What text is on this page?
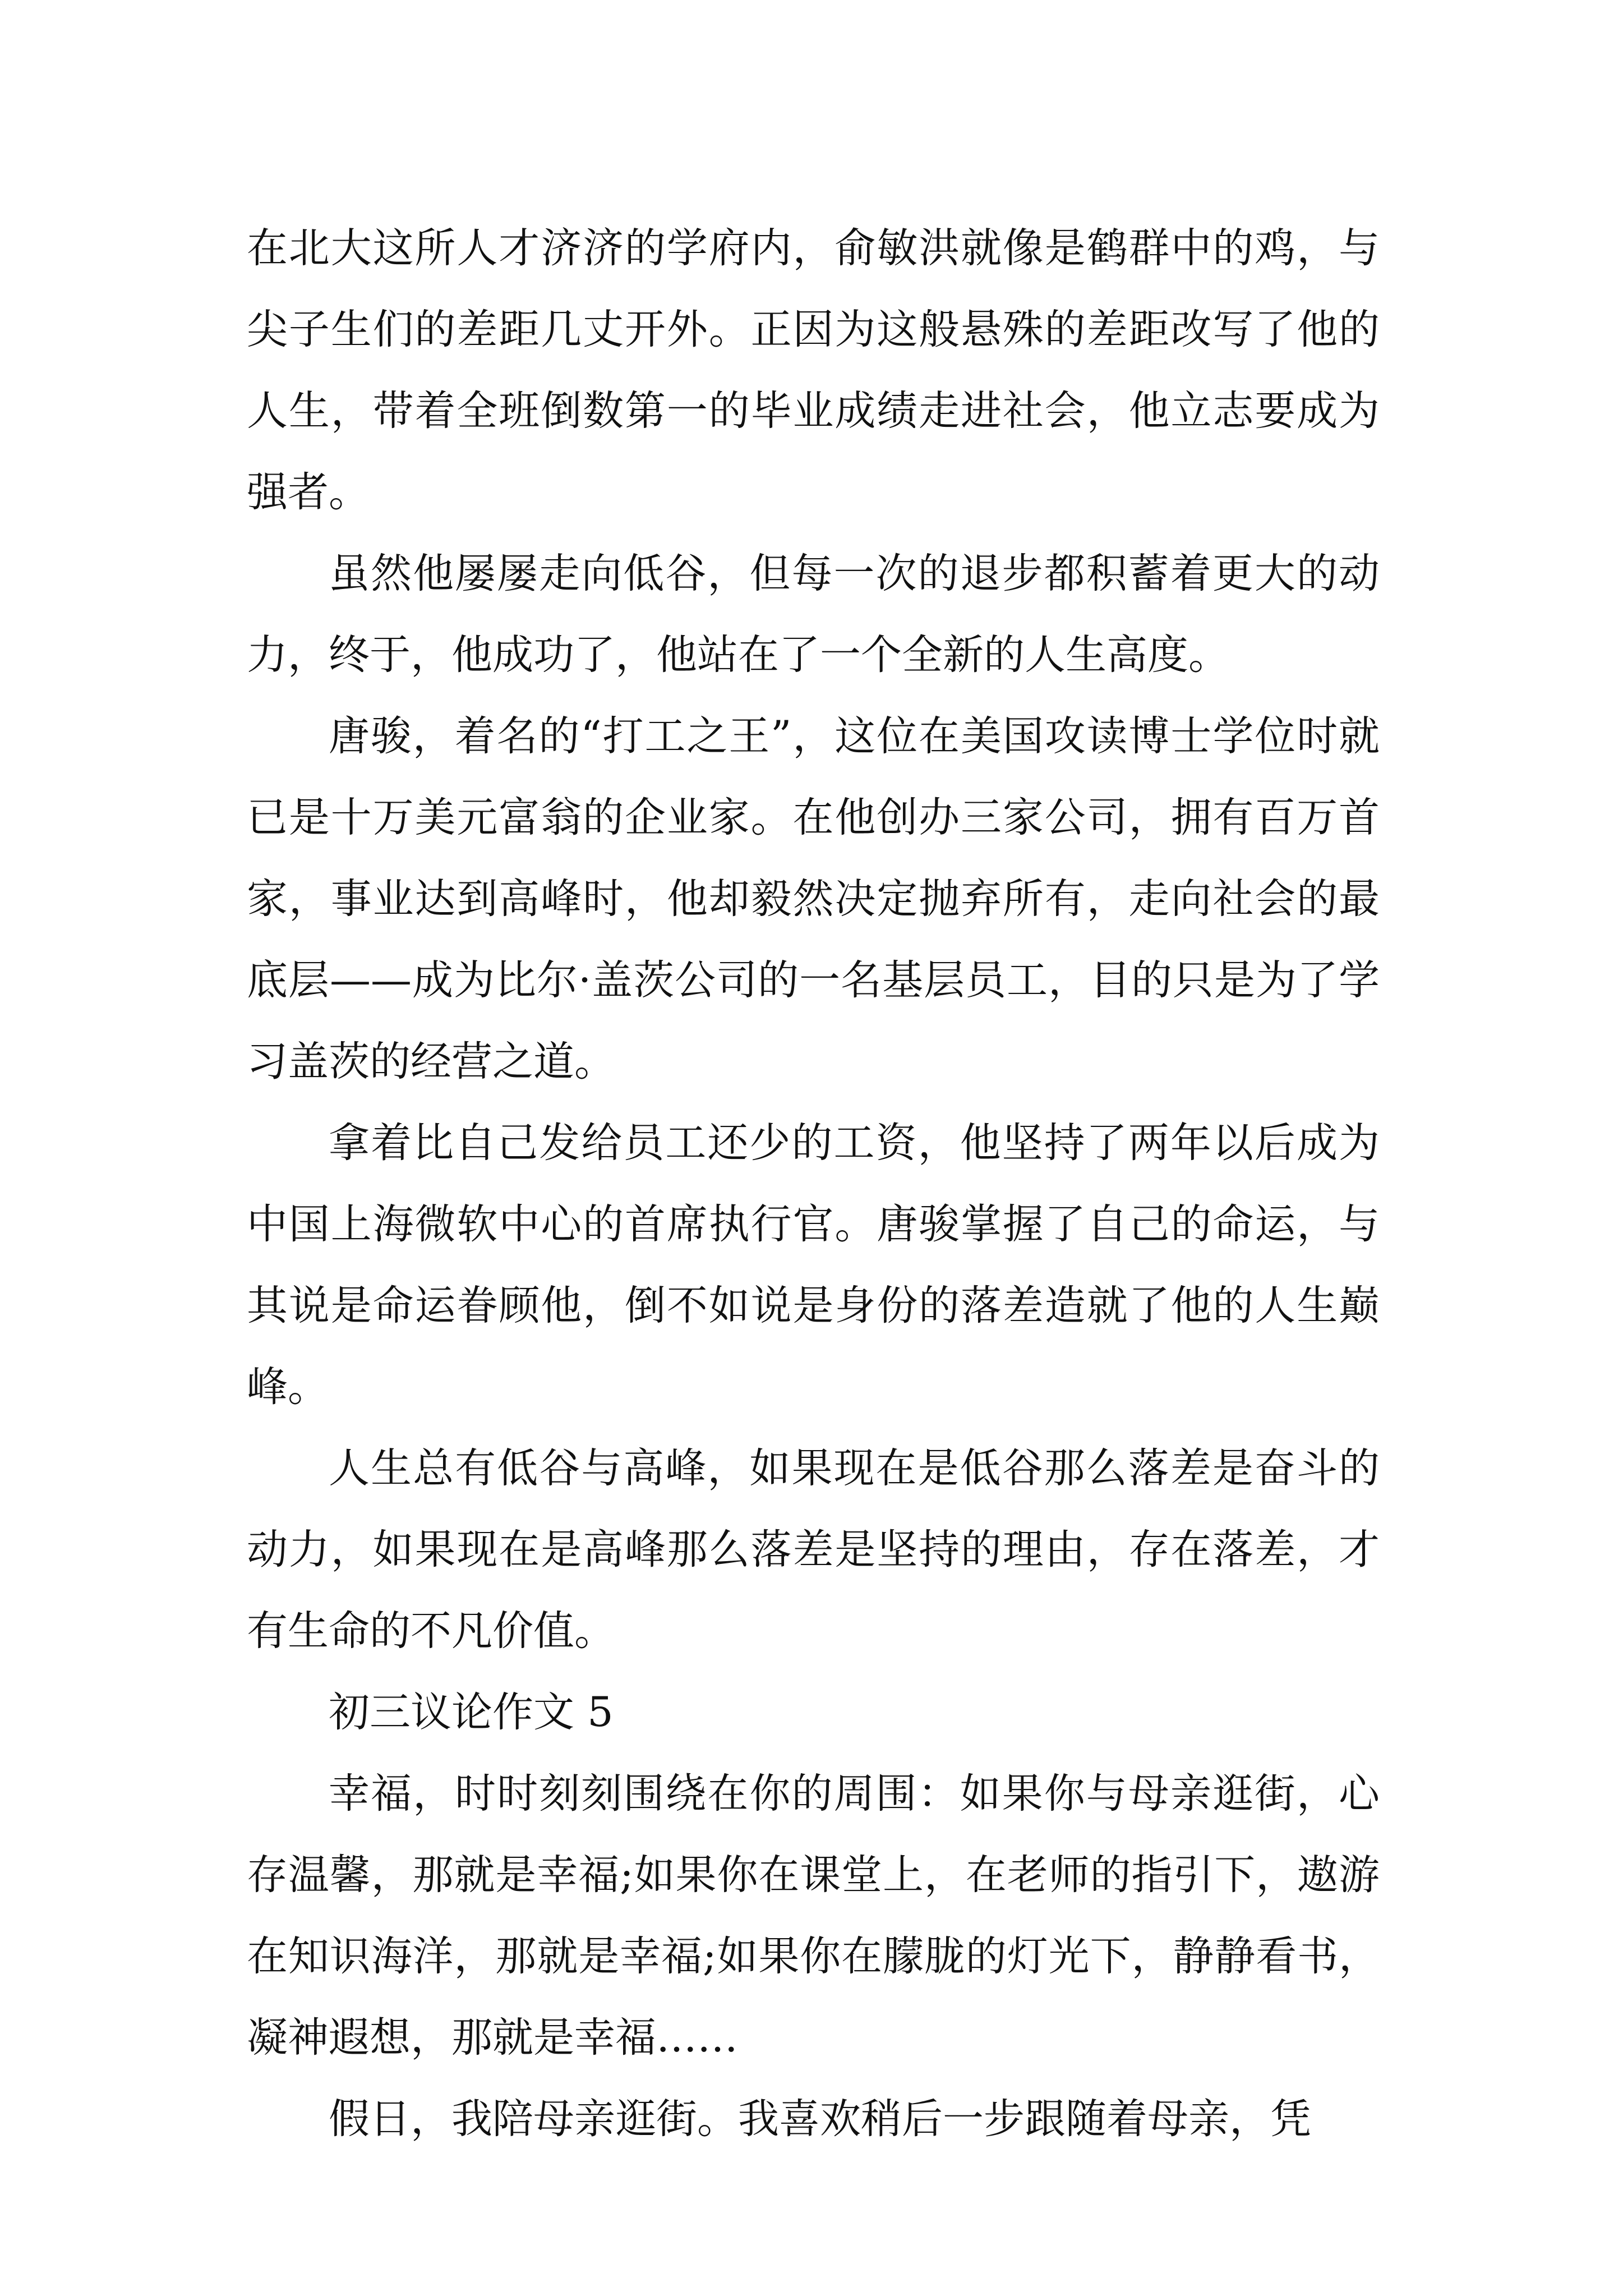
在北大这所人才济济的学府内，俞敏洪就像是鹤群中的鸡，与尖子生们的差距几丈开外。正因为这般悬殊的差距改写了他的人生，带着全班倒数第一的毕业成绩走进社会，他立志要成为强者。

虽然他屡屡走向低谷，但每一次的退步都积蓄着更大的动力，终于，他成功了，他站在了一个全新的人生高度。

唐骏，着名的“打工之王”，这位在美国攻读博士学位时就已是十万美元富翁的企业家。在他创办三家公司，拥有百万首家，事业达到高峰时，他却毅然决定抛弃所有，走向社会的最底层——成为比尔·盖茨公司的一名基层员工，目的只是为了学习盖茨的经营之道。

拿着比自己发给员工还少的工资，他坚持了两年以后成为中国上海微软中心的首席执行官。唐骏掌握了自己的命运，与其说是命运眷顾他，倒不如说是身份的落差造就了他的人生巅峰。

人生总有低谷与高峰，如果现在是低谷那么落差是奋斗的动力，如果现在是高峰那么落差是坚持的理由，存在落差，才有生命的不凡价值。

初三议论作文 5

幸福，时时刻刻围绕在你的周围：如果你与母亲逛街，心存温馨，那就是幸福;如果你在课堂上，在老师的指引下，遨游在知识海洋，那就是幸福;如果你在朦胧的灯光下，静静看书，凝神遐想，那就是幸福……

假日，我陪母亲逛街。我喜欢稍后一步跟随着母亲，凭
